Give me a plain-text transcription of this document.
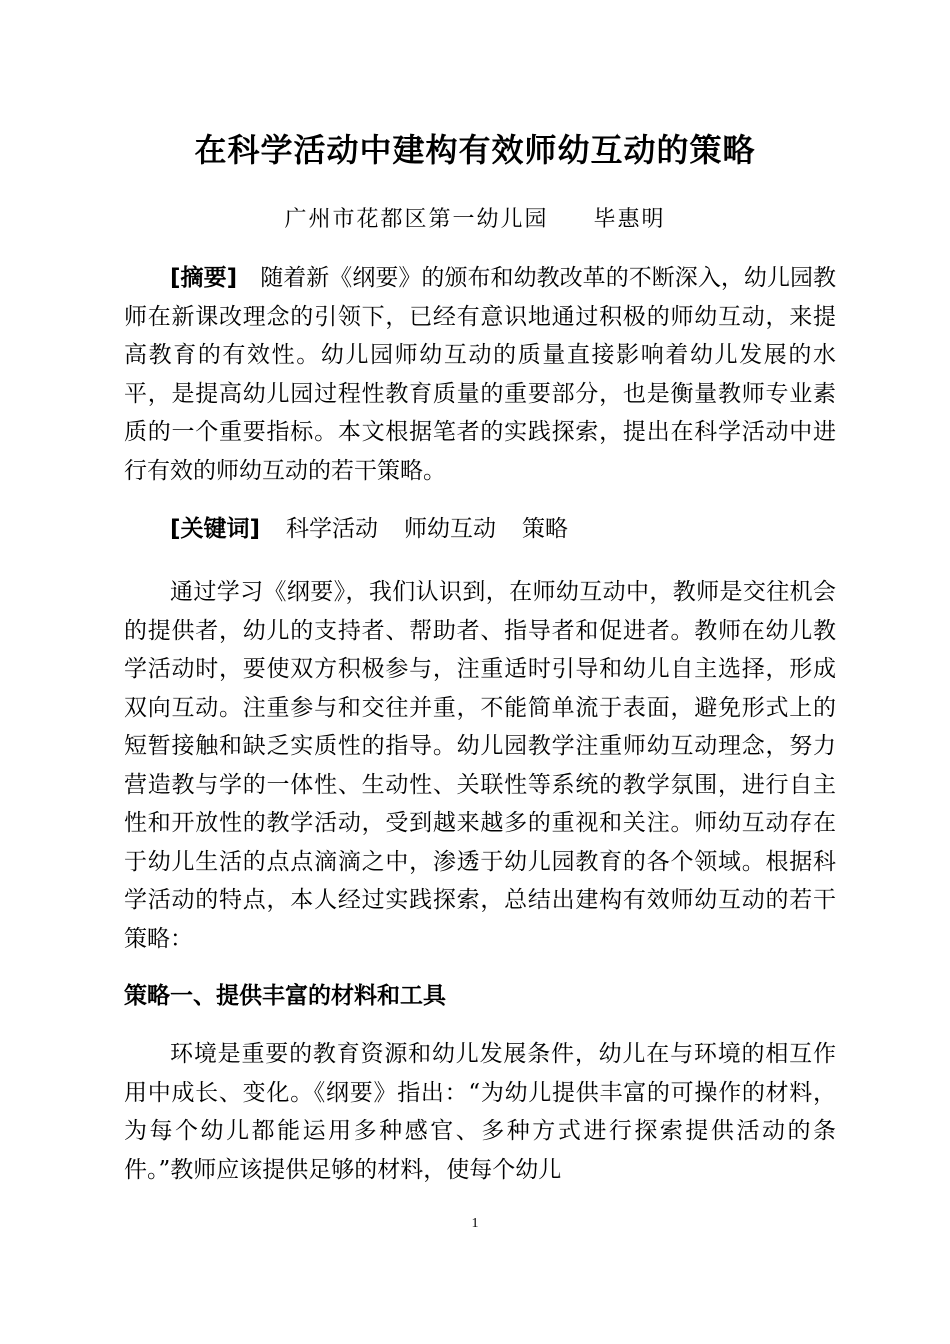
在科学活动中建构有效师幼互动的策略
广州市花都区第一幼儿园     毕惠明

[摘要]　 随着新《纲要》的颁布和幼教改革的不断深入，幼儿园教师在新课改理念的引领下，已经有意识地通过积极的师幼互动，来提高教育的有效性。幼儿园师幼互动的质量直接影响着幼儿发展的水平，是提高幼儿园过程性教育质量的重要部分，也是衡量教师专业素质的一个重要指标。本文根据笔者的实践探索，提出在科学活动中进行有效的师幼互动的若干策略。

[关键词] 科学活动 师幼互动 策略

通过学习《纲要》，我们认识到，在师幼互动中，教师是交往机会的提供者，幼儿的支持者、帮助者、指导者和促进者。教师在幼儿教学活动时，要使双方积极参与，注重适时引导和幼儿自主选择，形成双向互动。注重参与和交往并重，不能简单流于表面，避免形式上的短暂接触和缺乏实质性的指导。幼儿园教学注重师幼互动理念，努力营造教与学的一体性、生动性、关联性等系统的教学氛围，进行自主性和开放性的教学活动，受到越来越多的重视和关注。师幼互动存在于幼儿生活的点点滴滴之中，渗透于幼儿园教育的各个领域。根据科学活动的特点，本人经过实践探索，总结出建构有效师幼互动的若干策略：

策略一、提供丰富的材料和工具

环境是重要的教育资源和幼儿发展条件，幼儿在与环境的相互作用中成长、变化。《纲要》指出：“为幼儿提供丰富的可操作的材料，为每个幼儿都能运用多种感官、多种方式进行探索提供活动的条件。”教师应该提供足够的材料，使每个幼儿

1
